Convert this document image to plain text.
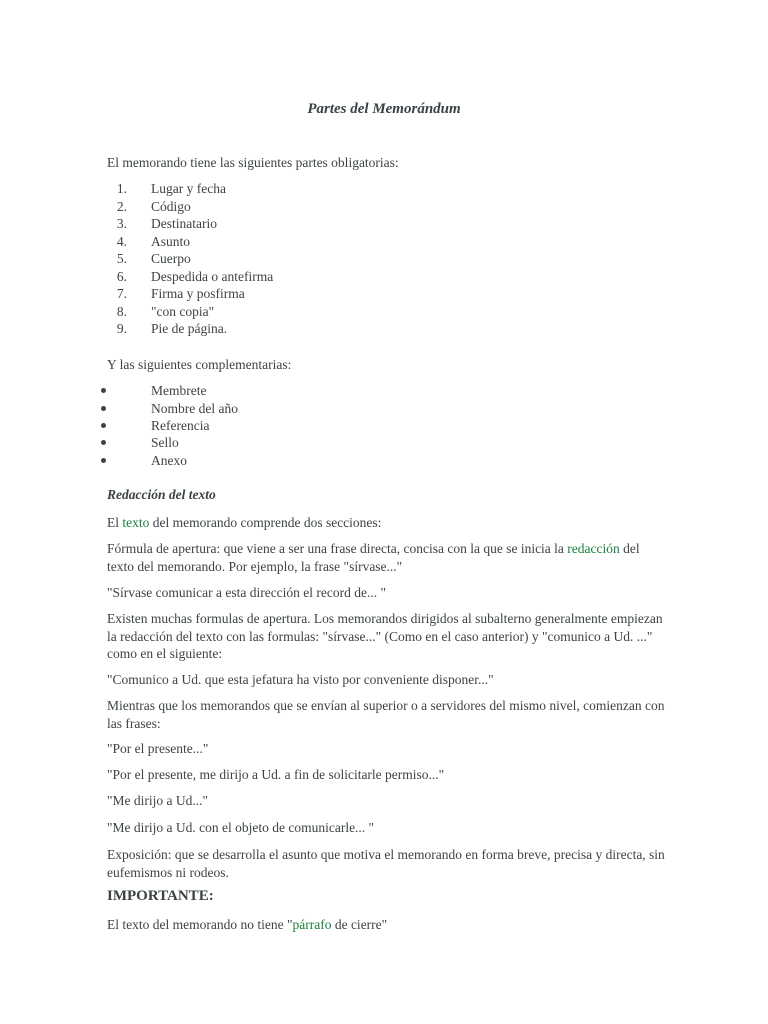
Partes del Memorándum

El memorando tiene las siguientes partes obligatorias:

1. Lugar y fecha
2. Código
3. Destinatario
4. Asunto
5. Cuerpo
6. Despedida o antefirma
7. Firma y posfirma
8. "con copia"
9. Pie de página.

Y las siguientes complementarias:

Membrete
Nombre del año
Referencia
Sello
Anexo
Redacción del texto

El texto del memorando comprende dos secciones:

Fórmula de apertura: que viene a ser una frase directa, concisa con la que se inicia la redacción del texto del memorando. Por ejemplo, la frase "sírvase..."

"Sírvase comunicar a esta dirección el record de... "

Existen muchas formulas de apertura. Los memorandos dirigidos al subalterno generalmente empiezan la redacción del texto con las formulas: "sírvase..." (Como en el caso anterior) y "comunico a Ud. ..." como en el siguiente:

"Comunico a Ud. que esta jefatura ha visto por conveniente disponer..."

Mientras que los memorandos que se envían al superior o a servidores del mismo nivel, comienzan con las frases:

"Por el presente..."

"Por el presente, me dirijo a Ud. a fin de solicitarle permiso..."

"Me dirijo a Ud..."

"Me dirijo a Ud. con el objeto de comunicarle... "

Exposición: que se desarrolla el asunto que motiva el memorando en forma breve, precisa y directa, sin eufemismos ni rodeos.

IMPORTANTE:

El texto del memorando no tiene "párrafo de cierre"
